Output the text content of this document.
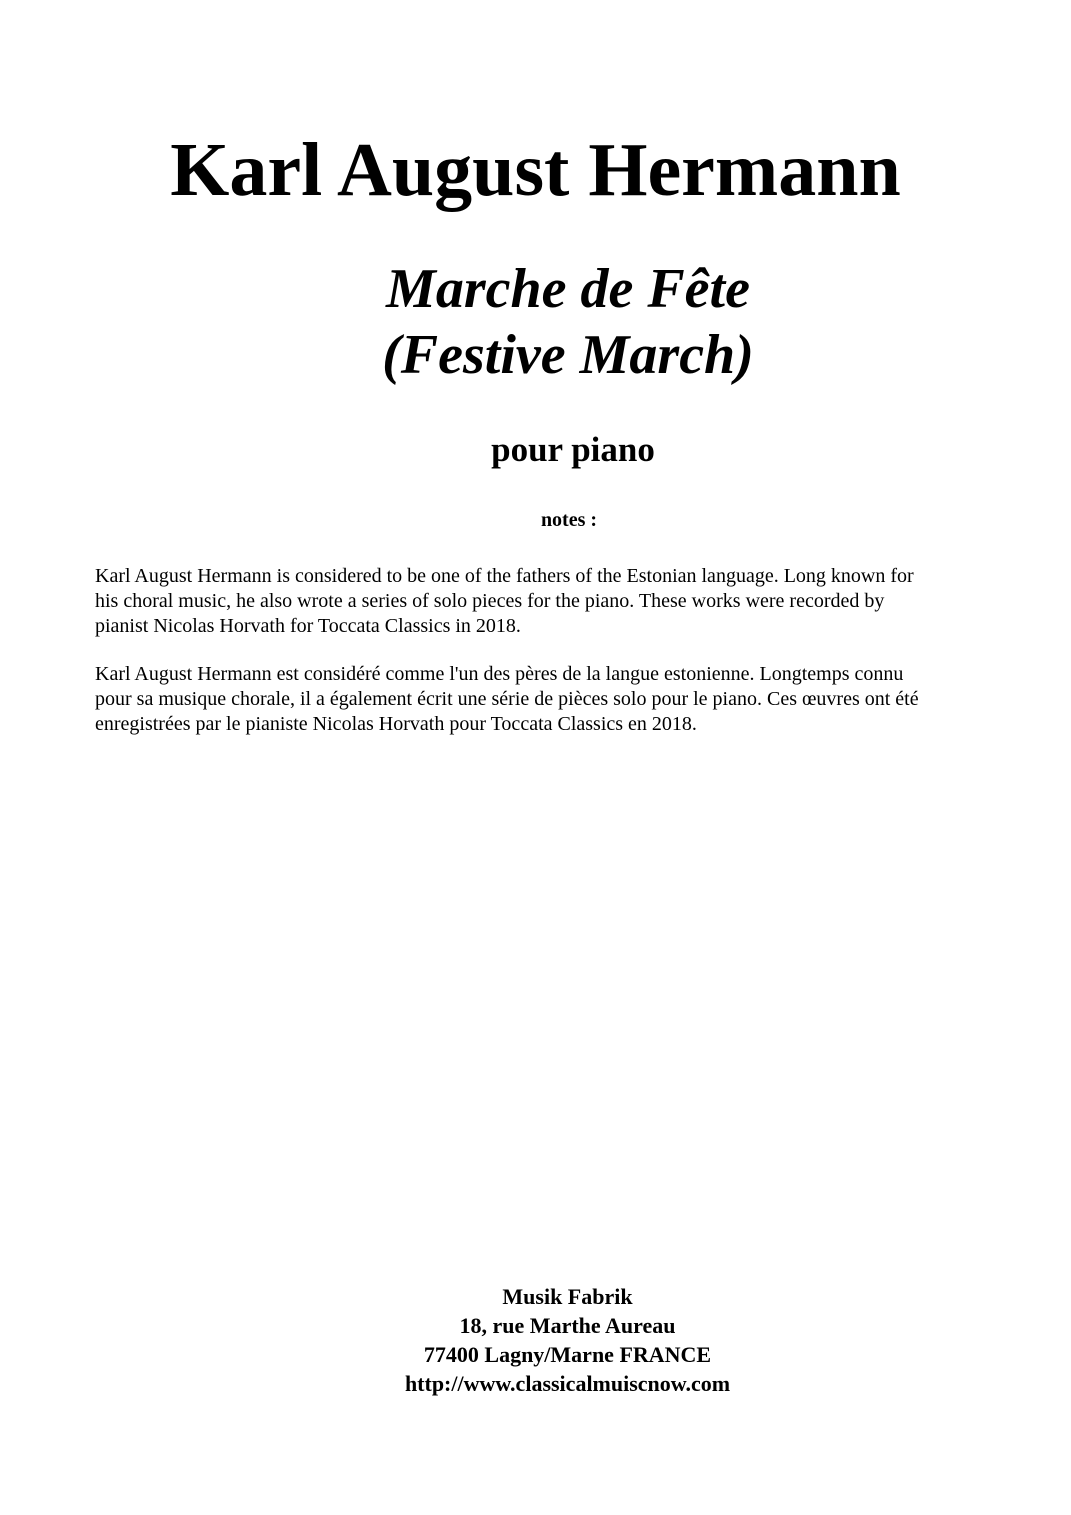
Karl August Hermann
Marche de Fête
(Festive March)
pour piano
notes :

Karl August Hermann is considered to be one of the fathers of the Estonian language. Long known for
his choral music, he also wrote a series of solo pieces for the piano. These works were recorded by
pianist Nicolas Horvath for Toccata Classics in 2018.

Karl August Hermann est considéré comme l'un des pères de la langue estonienne. Longtemps connu
pour sa musique chorale, il a également écrit une série de pièces solo pour le piano. Ces œuvres ont été
enregistrées par le pianiste Nicolas Horvath pour Toccata Classics en 2018.

Musik Fabrik
18, rue Marthe Aureau
77400 Lagny/Marne FRANCE
http://www.classicalmuiscnow.com
